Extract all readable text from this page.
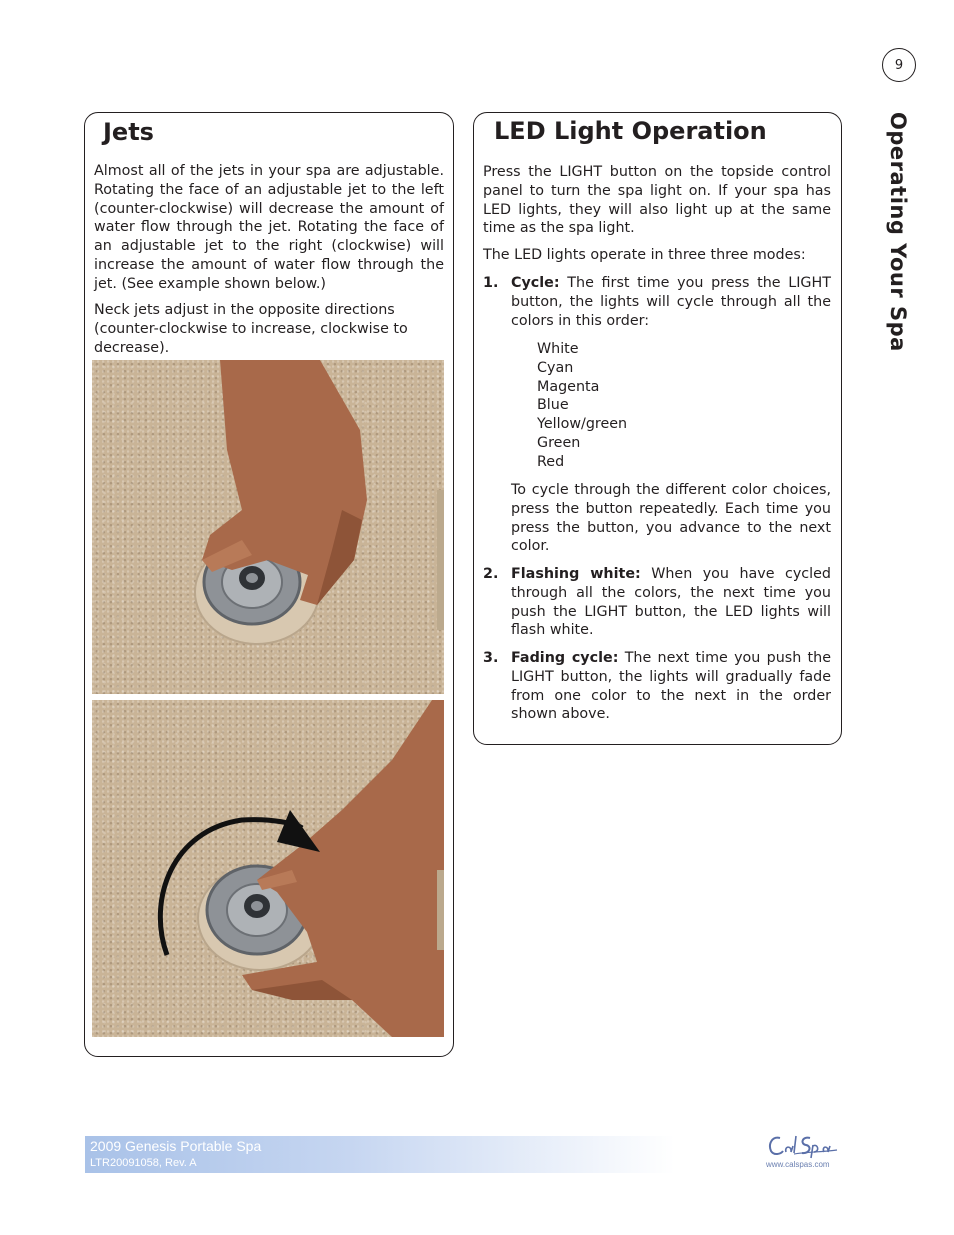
9
Operating Your Spa
Jets

Almost all of the jets in your spa are adjustable. Rotating the face of an adjustable jet to the left (counter-clockwise) will decrease the amount of water flow through the jet. Rotating the face of an adjustable jet to the right (clockwise) will increase the amount of water flow through the jet. (See example shown below.)

Neck jets adjust in the opposite directions (counter-clockwise to increase, clockwise to decrease).

LED Light Operation

Press the LIGHT button on the topside control panel to turn the spa light on. If your spa has LED lights, they will also light up at the same time as the spa light.

The LED lights operate in three three modes:

1. Cycle: The first time you press the LIGHT button, the lights will cycle through all the colors in this order:
White
Cyan
Magenta
Blue
Yellow/green
Green
Red

To cycle through the different color choices, press the button repeatedly. Each time you press the button, you advance to the next color.

2. Flashing white: When you have cycled through all the colors, the next time you push the LIGHT button, the LED lights will flash white.
3. Fading cycle: The next time you push the LIGHT button, the lights will gradually fade from one color to the next in the order shown above.
2009 Genesis Portable Spa
LTR20091058, Rev. A	www.calspas.com
